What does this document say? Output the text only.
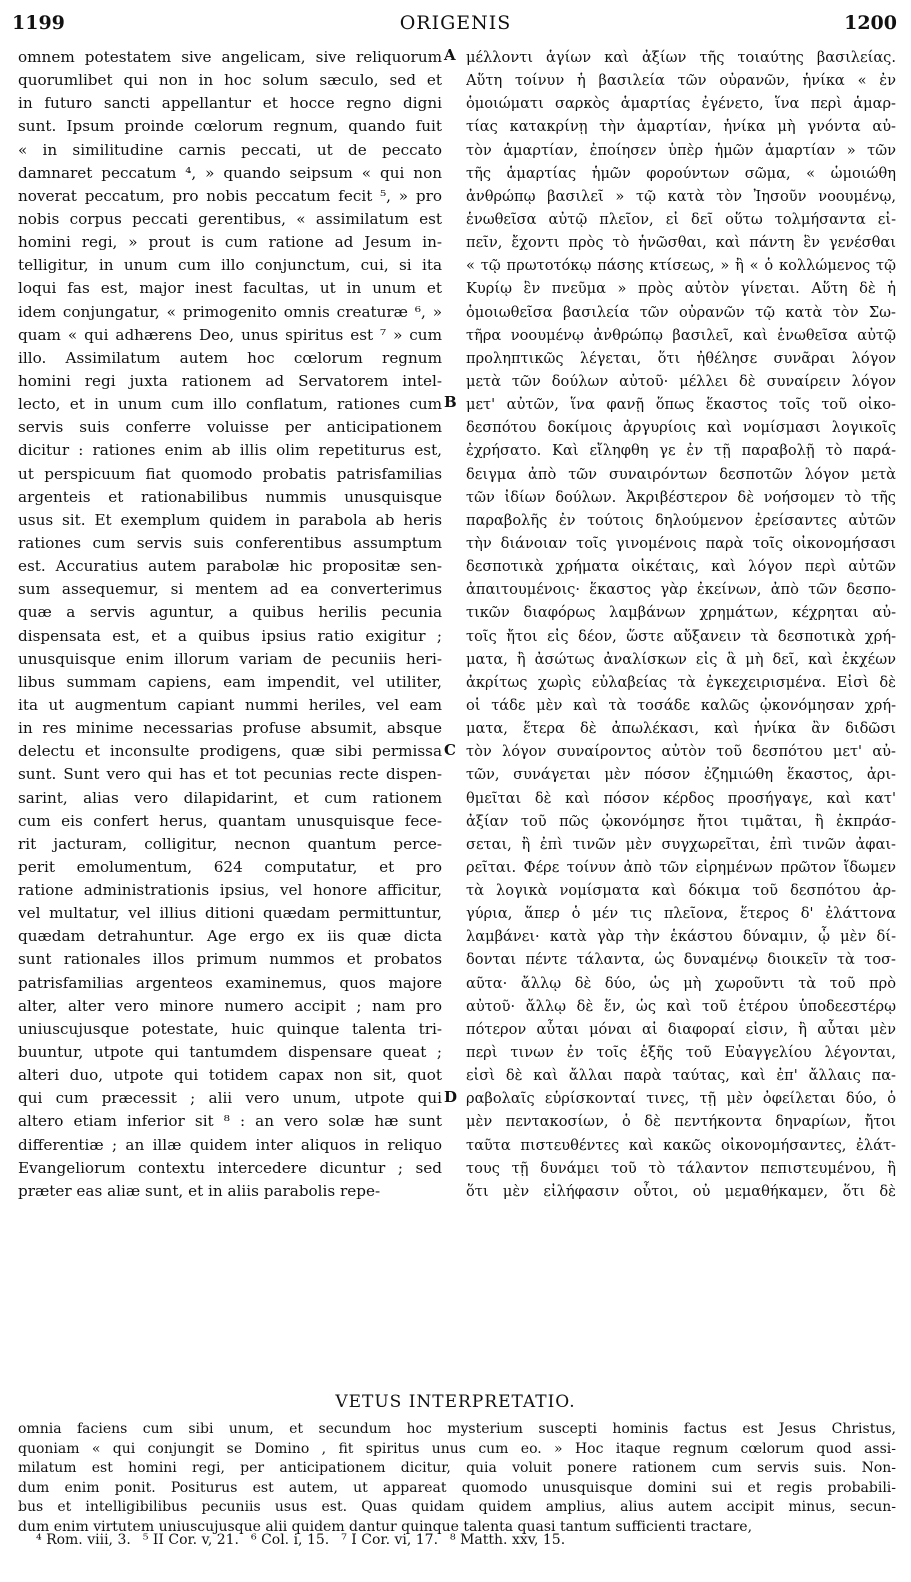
1199	ORIGENIS	1200
omnem potestatem sive angelicam, sive reliquorum
quorumlibet qui non in hoc solum sæculo, sed et
in futuro sancti appellantur et hocce regno digni
sunt. Ipsum proinde cœlorum regnum, quando fuit
« in similitudine carnis peccati, ut de peccato
damnaret peccatum ⁴, » quando seipsum « qui non
noverat peccatum, pro nobis peccatum fecit ⁵, » pro
nobis corpus peccati gerentibus, « assimilatum est
homini regi, » prout is cum ratione ad Jesum in-
telligitur, in unum cum illo conjunctum, cui, si ita
loqui fas est, major inest facultas, ut in unum et
idem conjungatur, « primogenito omnis creaturæ ⁶, »
quam « qui adhærens Deo, unus spiritus est ⁷ » cum
illo. Assimilatum autem hoc cœlorum regnum
homini regi juxta rationem ad Servatorem intel-
lecto, et in unum cum illo conflatum, rationes cum
servis suis conferre voluisse per anticipationem
dicitur : rationes enim ab illis olim repetiturus est,
ut perspicuum fiat quomodo probatis patrisfamilias
argenteis et rationabilibus nummis unusquisque
usus sit. Et exemplum quidem in parabola ab heris
rationes cum servis suis conferentibus assumptum
est. Accuratius autem parabolæ hic propositæ sen-
sum assequemur, si mentem ad ea converterimus
quæ a servis aguntur, a quibus herilis pecunia
dispensata est, et a quibus ipsius ratio exigitur ;
unusquisque enim illorum variam de pecuniis heri-
libus summam capiens, eam impendit, vel utiliter,
ita ut augmentum capiant nummi heriles, vel eam
in res minime necessarias profuse absumit, absque
delectu et inconsulte prodigens, quæ sibi permissa
sunt. Sunt vero qui has et tot pecunias recte dispen-
sarint, alias vero dilapidarint, et cum rationem
cum eis confert herus, quantam unusquisque fece-
rit jacturam, colligitur, necnon quantum perce-
perit emolumentum, 624 computatur, et pro
ratione administrationis ipsius, vel honore afficitur,
vel multatur, vel illius ditioni quædam permittuntur,
quædam detrahuntur. Age ergo ex iis quæ dicta
sunt rationales illos primum nummos et probatos
patrisfamilias argenteos examinemus, quos majore
alter, alter vero minore numero accipit ; nam pro
uniuscujusque potestate, huic quinque talenta tri-
buuntur, utpote qui tantumdem dispensare queat ;
alteri duo, utpote qui totidem capax non sit, quot
qui cum præcessit ; alii vero unum, utpote qui
altero etiam inferior sit ⁸ : an vero solæ hæ sunt
differentiæ ; an illæ quidem inter aliquos in reliquo
Evangeliorum contextu intercedere dicuntur ; sed
præter eas aliæ sunt, et in aliis parabolis repe-
A
B
C
D
μέλλοντι ἁγίων καὶ ἀξίων τῆς τοιαύτης βασιλείας.
Αὕτη τοίνυν ἡ βασιλεία τῶν οὐρανῶν, ἡνίκα « ἐν
ὁμοιώματι σαρκὸς ἁμαρτίας ἐγένετο, ἵνα περὶ ἁμαρ-
τίας κατακρίνῃ τὴν ἁμαρτίαν, ἡνίκα μὴ γνόντα αὐ-
τὸν ἁμαρτίαν, ἐποίησεν ὑπὲρ ἡμῶν ἁμαρτίαν » τῶν
τῆς ἁμαρτίας ἡμῶν φορούντων σῶμα, « ὡμοιώθη
ἀνθρώπῳ βασιλεῖ » τῷ κατὰ τὸν Ἰησοῦν νοουμένῳ,
ἑνωθεῖσα αὐτῷ πλεῖον, εἰ δεῖ οὕτω τολμήσαντα εἰ-
πεῖν, ἔχοντι πρὸς τὸ ἡνῶσθαι, καὶ πάντη ἓν γενέσθαι
« τῷ πρωτοτόκῳ πάσης κτίσεως, » ἢ « ὁ κολλώμενος τῷ
Κυρίῳ ἓν πνεῦμα » πρὸς αὐτὸν γίνεται. Αὕτη δὲ ἡ
ὁμοιωθεῖσα βασιλεία τῶν οὐρανῶν τῷ κατὰ τὸν Σω-
τῆρα νοουμένῳ ἀνθρώπῳ βασιλεῖ, καὶ ἑνωθεῖσα αὐτῷ
προληπτικῶς λέγεται, ὅτι ἠθέλησε συνᾶραι λόγον
μετὰ τῶν δούλων αὐτοῦ· μέλλει δὲ συναίρειν λόγον
μετ' αὐτῶν, ἵνα φανῇ ὅπως ἕκαστος τοῖς τοῦ οἰκο-
δεσπότου δοκίμοις ἀργυρίοις καὶ νομίσμασι λογικοῖς
ἐχρήσατο. Καὶ εἴληφθη γε ἐν τῇ παραβολῇ τὸ παρά-
δειγμα ἀπὸ τῶν συναιρόντων δεσποτῶν λόγον μετὰ
τῶν ἰδίων δούλων. Ἀκριβέστερον δὲ νοήσομεν τὸ τῆς
παραβολῆς ἐν τούτοις δηλούμενον ἐρείσαντες αὐτῶν
τὴν διάνοιαν τοῖς γινομένοις παρὰ τοῖς οἰκονομήσασι
δεσποτικὰ χρήματα οἰκέταις, καὶ λόγον περὶ αὐτῶν
ἀπαιτουμένοις· ἕκαστος γὰρ ἐκείνων, ἀπὸ τῶν δεσπο-
τικῶν διαφόρως λαμβάνων χρημάτων, κέχρηται αὐ-
τοῖς ἤτοι εἰς δέον, ὥστε αὔξανειν τὰ δεσποτικὰ χρή-
ματα, ἢ ἀσώτως ἀναλίσκων εἰς ἃ μὴ δεῖ, καὶ ἐκχέων
ἀκρίτως χωρὶς εὐλαβείας τὰ ἐγκεχειρισμένα. Εἰσὶ δὲ
οἱ τάδε μὲν καὶ τὰ τοσάδε καλῶς ᾠκονόμησαν χρή-
ματα, ἕτερα δὲ ἀπωλέκασι, καὶ ἡνίκα ἂν διδῶσι
τὸν λόγον συναίροντος αὐτὸν τοῦ δεσπότου μετ' αὐ-
τῶν, συνάγεται μὲν πόσον ἐζημιώθη ἕκαστος, ἀρι-
θμεῖται δὲ καὶ πόσον κέρδος προσήγαγε, καὶ κατ'
ἀξίαν τοῦ πῶς ᾠκονόμησε ἤτοι τιμᾶται, ἢ ἐκπράσ-
σεται, ἢ ἐπὶ τινῶν μὲν συγχωρεῖται, ἐπὶ τινῶν ἀφαι-
ρεῖται. Φέρε τοίνυν ἀπὸ τῶν εἰρημένων πρῶτον ἴδωμεν
τὰ λογικὰ νομίσματα καὶ δόκιμα τοῦ δεσπότου ἀρ-
γύρια, ἅπερ ὁ μέν τις πλεῖονα, ἕτερος δ' ἐλάττονα
λαμβάνει· κατὰ γὰρ τὴν ἑκάστου δύναμιν, ᾧ μὲν δί-
δονται πέντε τάλαντα, ὡς δυναμένῳ διοικεῖν τὰ τοσ-
αῦτα· ἄλλῳ δὲ δύο, ὡς μὴ χωροῦντι τὰ τοῦ πρὸ
αὐτοῦ· ἄλλῳ δὲ ἕν, ὡς καὶ τοῦ ἑτέρου ὑποδεεστέρῳ
πότερον αὗται μόναι αἱ διαφοραί εἰσιν, ἢ αὗται μὲν
περὶ τινων ἐν τοῖς ἑξῆς τοῦ Εὐαγγελίου λέγονται,
εἰσὶ δὲ καὶ ἄλλαι παρὰ ταύτας, καὶ ἐπ' ἄλλαις πα-
ραβολαῖς εὑρίσκονταί τινες, τῇ μὲν ὀφείλεται δύο, ὁ
μὲν πεντακοσίων, ὁ δὲ πεντήκοντα δηναρίων, ἤτοι
ταῦτα πιστευθέντες καὶ κακῶς οἰκονομήσαντες, ἐλάτ-
τους τῇ δυνάμει τοῦ τὸ τάλαντον πεπιστευμένου, ἢ
ὅτι μὲν εἰλήφασιν οὗτοι, οὐ μεμαθήκαμεν, ὅτι δὲ
VETUS INTERPRETATIO.
omnia faciens cum sibi unum, et secundum hoc mysterium suscepti hominis factus est Jesus Christus,
quoniam « qui conjungit se Domino , fit spiritus unus cum eo. » Hoc itaque regnum cœlorum quod assi-
milatum est homini regi, per anticipationem dicitur, quia voluit ponere rationem cum servis suis. Non-
dum enim ponit. Positurus est autem, ut appareat quomodo unusquisque domini sui et regis probabili-
bus et intelligibilibus pecuniis usus est. Quas quidam quidem amplius, alius autem accipit minus, secun-
dum enim virtutem uniuscujusque alii quidem dantur quinque talenta quasi tantum sufficienti tractare,
⁴ Rom. viii, 3. ⁵ II Cor. v, 21. ⁶ Col. i, 15. ⁷ I Cor. vi, 17. ⁸ Matth. xxv, 15.
